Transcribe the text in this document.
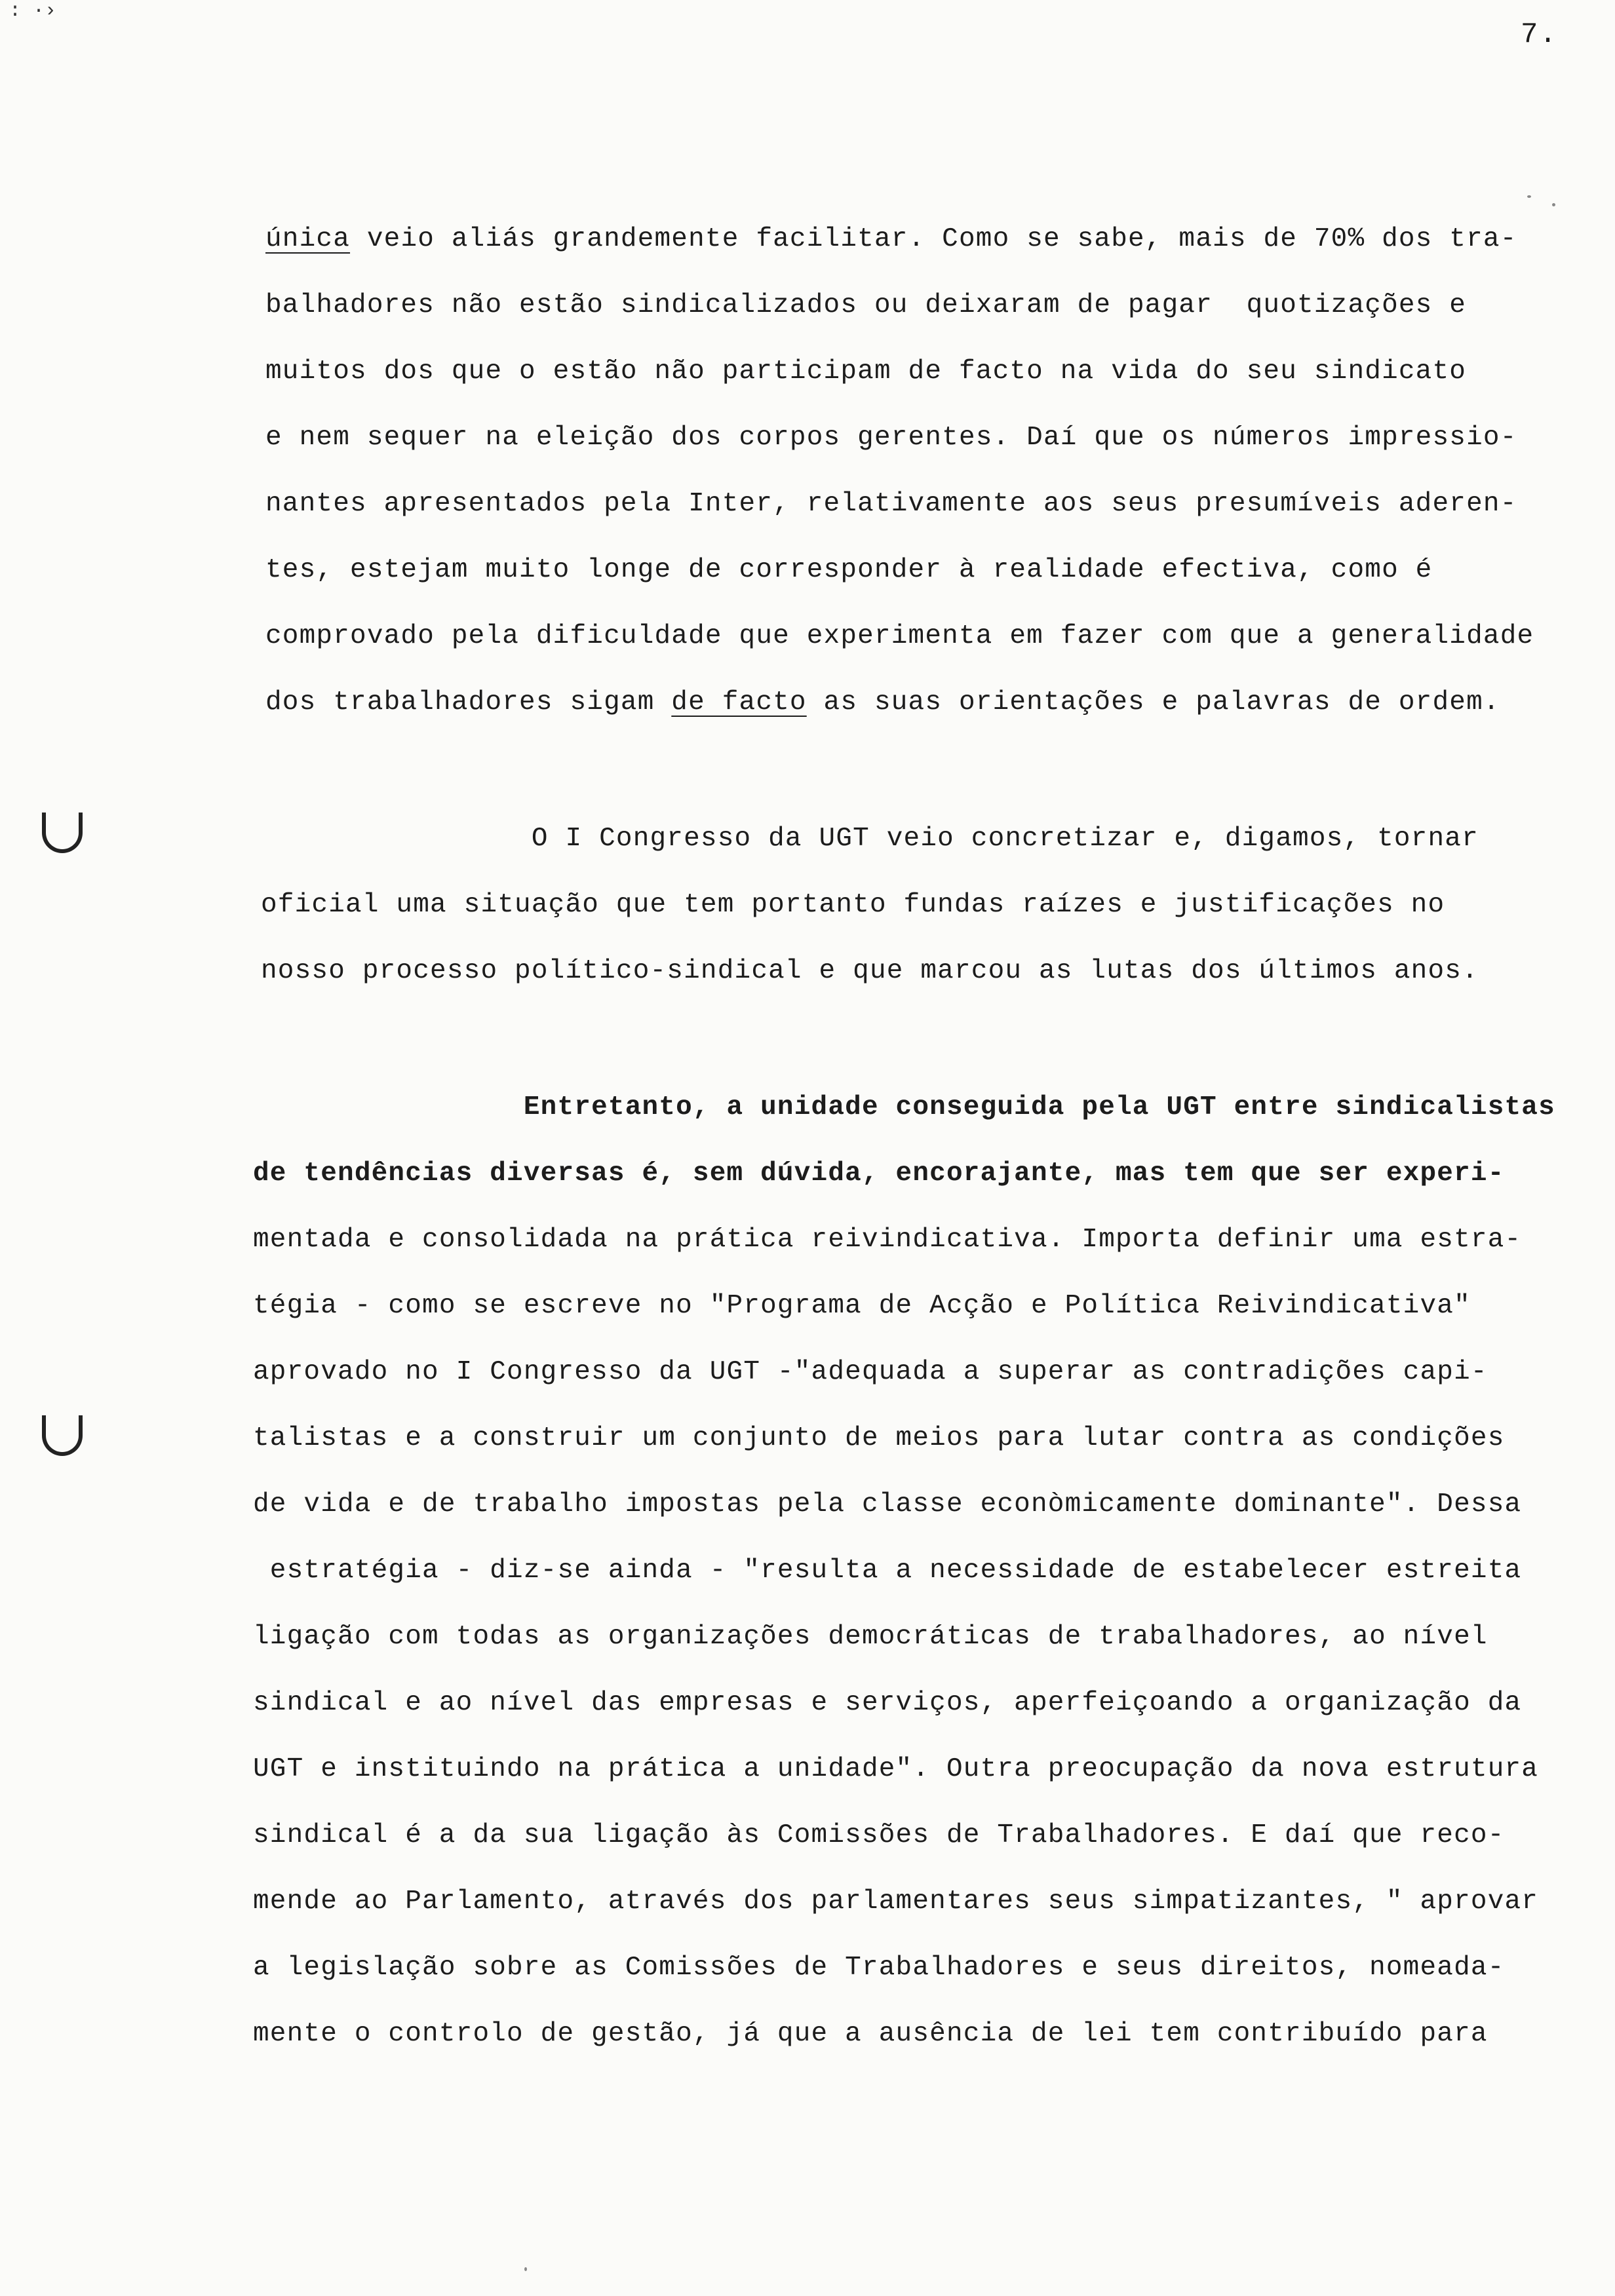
: ·›
7.
única veio aliás grandemente facilitar. Como se sabe, mais de 70% dos tra-
balhadores não estão sindicalizados ou deixaram de pagar  quotizações e
muitos dos que o estão não participam de facto na vida do seu sindicato
e nem sequer na eleição dos corpos gerentes. Daí que os números impressio-
nantes apresentados pela Inter, relativamente aos seus presumíveis aderen-
tes, estejam muito longe de corresponder à realidade efectiva, como é
comprovado pela dificuldade que experimenta em fazer com que a generalidade
dos trabalhadores sigam de facto as suas orientações e palavras de ordem.
O I Congresso da UGT veio concretizar e, digamos, tornar
oficial uma situação que tem portanto fundas raízes e justificações no
nosso processo político-sindical e que marcou as lutas dos últimos anos.
Entretanto, a unidade conseguida pela UGT entre sindicalistas
de tendências diversas é, sem dúvida, encorajante, mas tem que ser experi-
mentada e consolidada na prática reivindicativa. Importa definir uma estra-
tégia - como se escreve no "Programa de Acção e Política Reivindicativa"
aprovado no I Congresso da UGT -"adequada a superar as contradições capi-
talistas e a construir um conjunto de meios para lutar contra as condições
de vida e de trabalho impostas pela classe econòmicamente dominante". Dessa
estratégia - diz-se ainda - "resulta a necessidade de estabelecer estreita
ligação com todas as organizações democráticas de trabalhadores, ao nível
sindical e ao nível das empresas e serviços, aperfeiçoando a organização da
UGT e instituindo na prática a unidade". Outra preocupação da nova estrutura
sindical é a da sua ligação às Comissões de Trabalhadores. E daí que reco-
mende ao Parlamento, através dos parlamentares seus simpatizantes, " aprovar
a legislação sobre as Comissões de Trabalhadores e seus direitos, nomeada-
mente o controlo de gestão, já que a ausência de lei tem contribuído para
